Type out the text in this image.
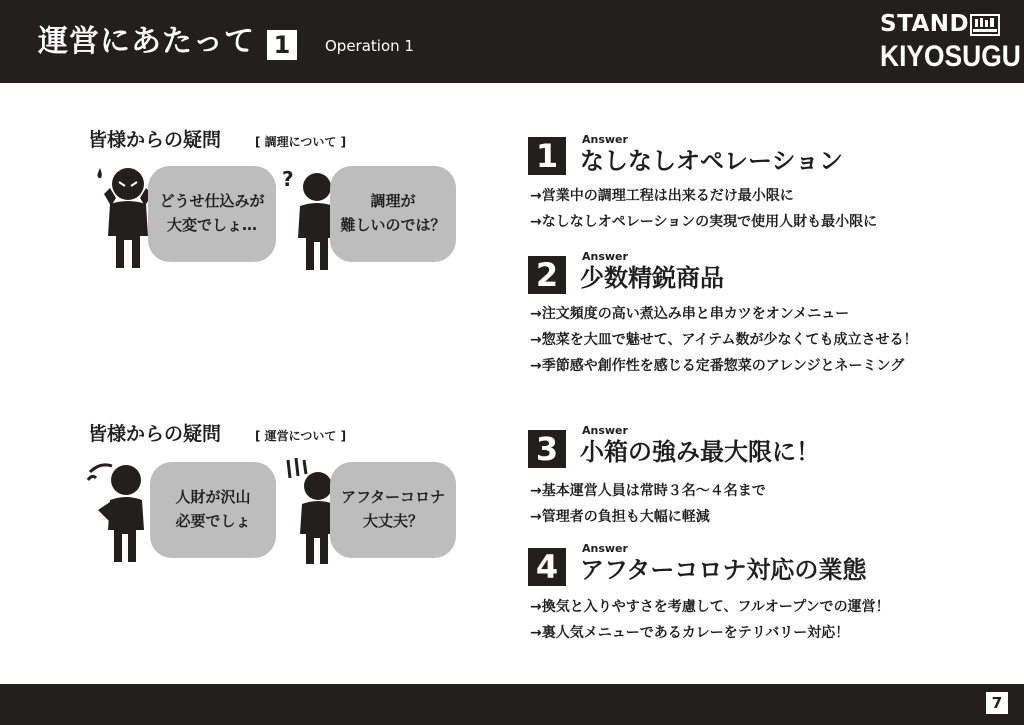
運営にあたって 1	Operation 1
STAND
KIYOSUGU
皆様からの疑問	[ 調理について ]
どうせ仕込みが
大変でしょ…
?
調理が
難しいのでは？
皆様からの疑問	[ 運営について ]
人財が沢山
必要でしょ
アフターコロナ
大丈夫？
1	Answer
なしなしオペレーション
→営業中の調理工程は出来るだけ最小限に
→なしなしオペレーションの実現で使用人財も最小限に
2	Answer
少数精鋭商品
→注文頻度の高い煮込み串と串カツをオンメニュー
→惣菜を大皿で魅せて、アイテム数が少なくても成立させる！
→季節感や創作性を感じる定番惣菜のアレンジとネーミング
3	Answer
小箱の強み最大限に！
→基本運営人員は常時３名～４名まで
→管理者の負担も大幅に軽減
4	Answer
アフターコロナ対応の業態
→換気と入りやすさを考慮して、フルオープンでの運営！
→裏人気メニューであるカレーをテリバリー対応！
7
